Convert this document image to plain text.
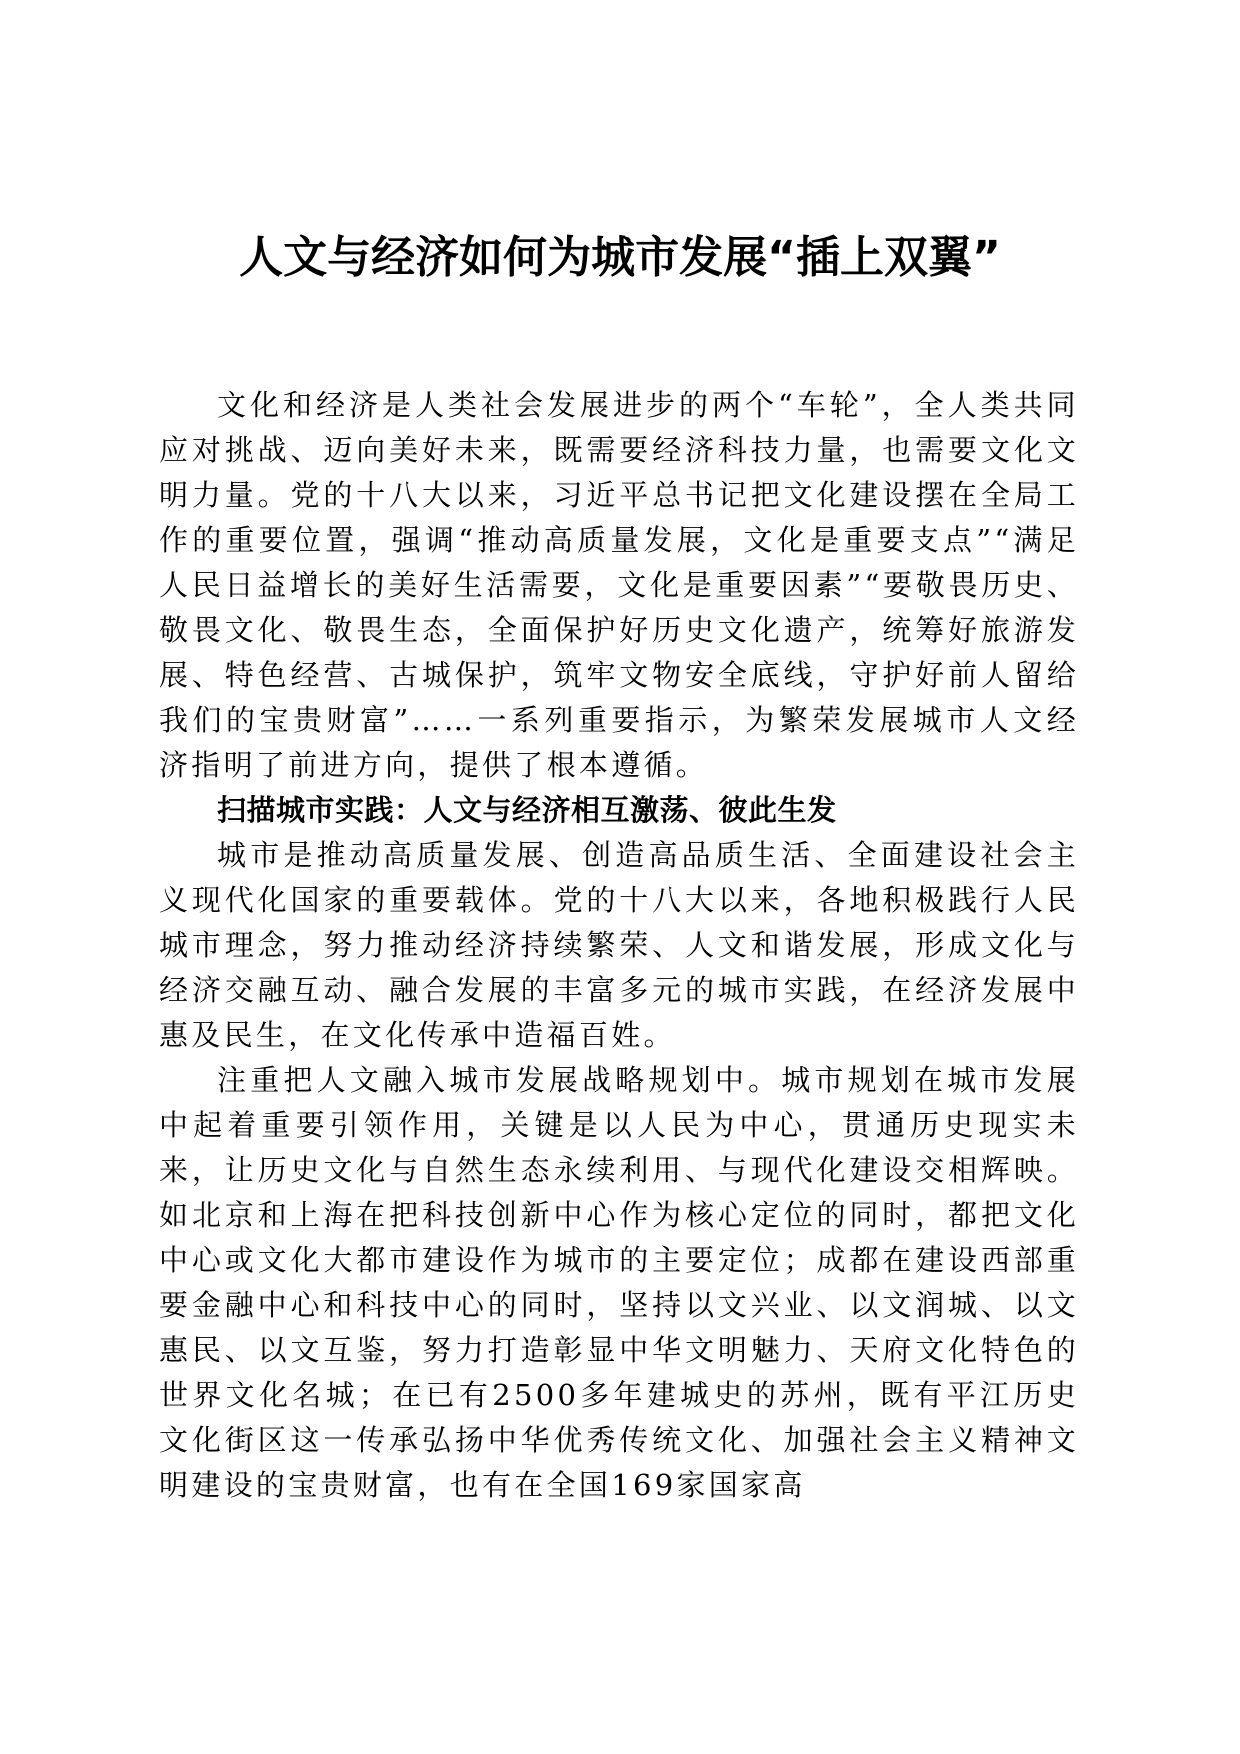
人文与经济如何为城市发展“插上双翼”

文化和经济是人类社会发展进步的两个“车轮”，全人类共同应对挑战、迈向美好未来，既需要经济科技力量，也需要文化文明力量。党的十八大以来，习近平总书记把文化建设摆在全局工作的重要位置，强调“推动高质量发展，文化是重要支点”“满足人民日益增长的美好生活需要，文化是重要因素”“要敬畏历史、敬畏文化、敬畏生态，全面保护好历史文化遗产，统筹好旅游发展、特色经营、古城保护，筑牢文物安全底线，守护好前人留给我们的宝贵财富”……一系列重要指示，为繁荣发展城市人文经济指明了前进方向，提供了根本遵循。

扫描城市实践：人文与经济相互激荡、彼此生发

城市是推动高质量发展、创造高品质生活、全面建设社会主义现代化国家的重要载体。党的十八大以来，各地积极践行人民城市理念，努力推动经济持续繁荣、人文和谐发展，形成文化与经济交融互动、融合发展的丰富多元的城市实践，在经济发展中惠及民生，在文化传承中造福百姓。

注重把人文融入城市发展战略规划中。城市规划在城市发展中起着重要引领作用，关键是以人民为中心，贯通历史现实未来，让历史文化与自然生态永续利用、与现代化建设交相辉映。如北京和上海在把科技创新中心作为核心定位的同时，都把文化中心或文化大都市建设作为城市的主要定位；成都在建设西部重要金融中心和科技中心的同时，坚持以文兴业、以文润城、以文惠民、以文互鉴，努力打造彰显中华文明魅力、天府文化特色的世界文化名城；在已有2500多年建城史的苏州，既有平江历史文化街区这一传承弘扬中华优秀传统文化、加强社会主义精神文明建设的宝贵财富，也有在全国169家国家高
